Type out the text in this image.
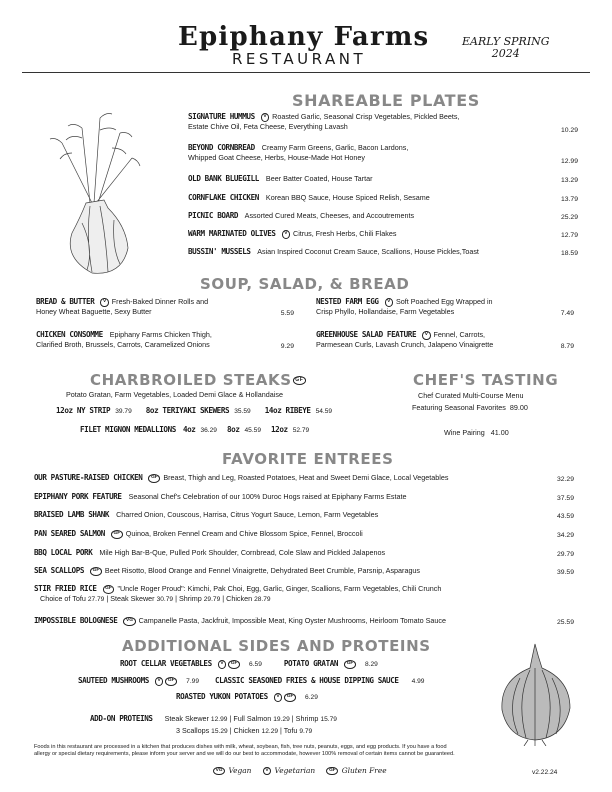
Epiphany Farms
RESTAURANT
EARLY SPRING
2024
SHAREABLE PLATES
SIGNATURE HUMMUS V Roasted Garlic, Seasonal Crisp Vegetables, Pickled Beets,
Estate Chive Oil, Feta Cheese, Everything Lavash	10.29
BEYOND CORNBREAD Creamy Farm Greens, Garlic, Bacon Lardons,
Whipped Goat Cheese, Herbs, House-Made Hot Honey	12.99
OLD BANK BLUEGILL Beer Batter Coated, House Tartar	13.29
CORNFLAKE CHICKEN Korean BBQ Sauce, House Spiced Relish, Sesame	13.79
PICNIC BOARD Assorted Cured Meats, Cheeses, and Accoutrements	25.29
WARM MARINATED OLIVES V Citrus, Fresh Herbs, Chili Flakes	12.79
BUSSIN' MUSSELS Asian Inspired Coconut Cream Sauce, Scallions, House Pickles,Toast	18.59
SOUP, SALAD, & BREAD
BREAD & BUTTER V Fresh-Baked Dinner Rolls and
Honey Wheat Baguette, Sexy Butter	5.59
CHICKEN CONSOMME Epiphany Farms Chicken Thigh,
Clarified Broth, Brussels, Carrots, Caramelized Onions	9.29
NESTED FARM EGG V Soft Poached Egg Wrapped in
Crisp Phyllo, Hollandaise, Farm Vegetables	7.49
GREENHOUSE SALAD FEATURE V Fennel, Carrots,
Parmesean Curls, Lavash Crunch, Jalapeno Vinaigrette	8.79
CHARBROILED STEAKS GF
Potato Gratan, Farm Vegetables, Loaded Demi Glace & Hollandaise
12oz NY STRIP 39.79 8oz TERIYAKI SKEWERS 35.59 14oz RIBEYE 54.59
FILET MIGNON MEDALLIONS 4oz 36.29 8oz 45.59 12oz 52.79
CHEF'S TASTING
Chef Curated Multi-Course Menu
Featuring Seasonal Favorites 89.00
Wine Pairing 41.00
FAVORITE ENTREES
OUR PASTURE-RAISED CHICKEN GF Breast, Thigh and Leg, Roasted Potatoes, Heat and Sweet Demi Glace, Local Vegetables	32.29
EPIPHANY PORK FEATURE Seasonal Chef's Celebration of our 100% Duroc Hogs raised at Epiphany Farms Estate	37.59
BRAISED LAMB SHANK Charred Onion, Couscous, Harrisa, Citrus Yogurt Sauce, Lemon, Farm Vegetables	43.59
PAN SEARED SALMON GF Quinoa, Broken Fennel Cream and Chive Blossom Spice, Fennel, Broccoli	34.29
BBQ LOCAL PORK Mile High Bar-B-Que, Pulled Pork Shoulder, Cornbread, Cole Slaw and Pickled Jalapenos	29.79
SEA SCALLOPS GF Beet Risotto, Blood Orange and Fennel Vinaigrette, Dehydrated Beet Crumble, Parsnip, Asparagus	39.59
STIR FRIED RICE GF "Uncle Roger Proud": Kimchi, Pak Choi, Egg, Garlic, Ginger, Scallions, Farm Vegetables, Chili Crunch
Choice of Tofu 27.79 | Steak Skewer 30.79 | Shrimp 29.79 | Chicken 28.79
IMPOSSIBLE BOLOGNESE VG Campanelle Pasta, Jackfruit, Impossible Meat, King Oyster Mushrooms, Heirloom Tomato Sauce	25.59
ADDITIONAL SIDES AND PROTEINS
ROOT CELLAR VEGETABLES V GF 6.59	POTATO GRATAN GF 8.29
SAUTEED MUSHROOMS V GF 7.99 CLASSIC SEASONED FRIES & HOUSE DIPPING SAUCE 4.99
ROASTED YUKON POTATOES V GF 6.29
ADD-ON PROTEINS Steak Skewer 12.99 | Full Salmon 19.29 | Shrimp 15.79
3 Scallops 15.29 | Chicken 12.29 | Tofu 9.79
Foods in this restaurant are processed in a kitchen that produces dishes with milk, wheat, soybean, fish, tree nuts, peanuts, eggs, and egg products. If you have a food
allergy or special dietary requirements, please inform your server and we will do our best to accommodate, however 100% removal of certain items cannot be guaranteed.
VG Vegan	V Vegetarian	GF Gluten Free	v2.22.24
